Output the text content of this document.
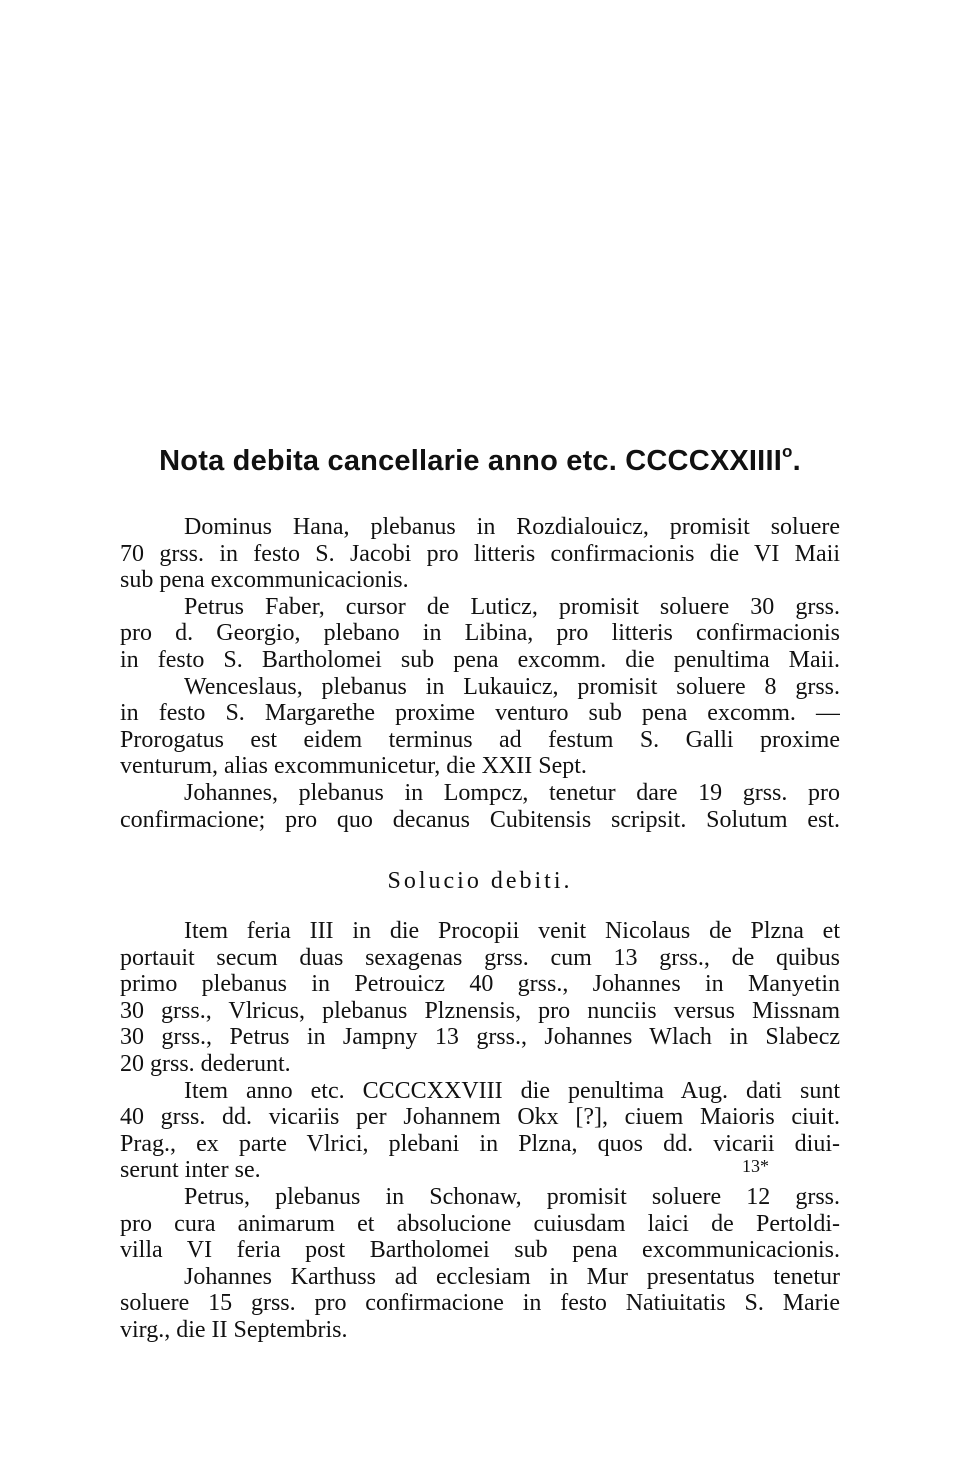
Nota debita cancellarie anno etc. CCCCXXIIII$^o$.
Dominus Hana, plebanus in Rozdialouicz, promisit soluere
70 grss. in festo S. Jacobi pro litteris confirmacionis die VI Maii
sub pena excommunicacionis.
Petrus Faber, cursor de Luticz, promisit soluere 30 grss.
pro d. Georgio, plebano in Libina, pro litteris confirmacionis
in festo S. Bartholomei sub pena excomm. die penultima Maii.
Wenceslaus, plebanus in Lukauicz, promisit soluere 8 grss.
in festo S. Margarethe proxime venturo sub pena excomm. —
Prorogatus est eidem terminus ad festum S. Galli proxime
venturum, alias excommunicetur, die XXII Sept.
Johannes, plebanus in Lompcz, tenetur dare 19 grss. pro
confirmacione; pro quo decanus Cubitensis scripsit. Solutum est.
Solucio debiti.
Item feria III in die Procopii venit Nicolaus de Plzna et
portauit secum duas sexagenas grss. cum 13 grss., de quibus
primo plebanus in Petrouicz 40 grss., Johannes in Manyetin
30 grss., Vlricus, plebanus Plznensis, pro nunciis versus Missnam
30 grss., Petrus in Jampny 13 grss., Johannes Wlach in Slabecz
20 grss. dederunt.
Item anno etc. CCCCXXVIII die penultima Aug. dati sunt
40 grss. dd. vicariis per Johannem Okx [?], ciuem Maioris ciuit.
Prag., ex parte Vlrici, plebani in Plzna, quos dd. vicarii diui-
serunt inter se.
Petrus, plebanus in Schonaw, promisit soluere 12 grss.
pro cura animarum et absolucione cuiusdam laici de Pertoldi-
villa VI feria post Bartholomei sub pena excommunicacionis.
Johannes Karthuss ad ecclesiam in Mur presentatus tenetur
soluere 15 grss. pro confirmacione in festo Natiuitatis S. Marie
virg., die II Septembris.
13*
